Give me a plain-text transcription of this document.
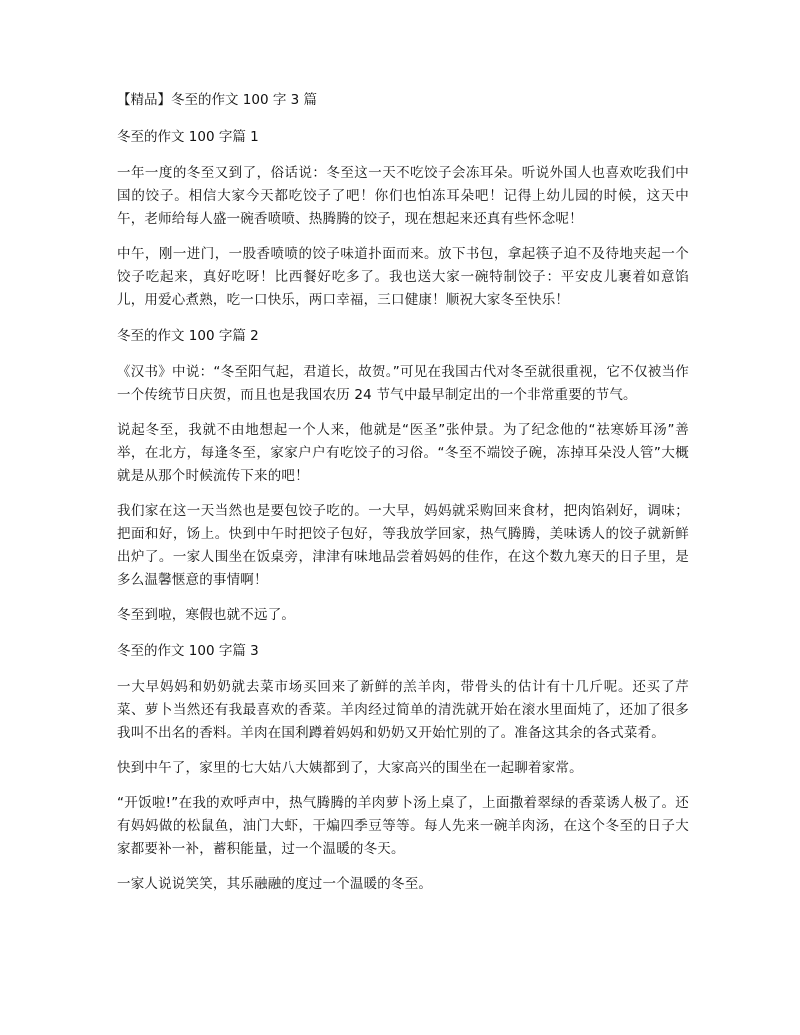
【精品】冬至的作文 100 字 3 篇
冬至的作文 100 字篇 1

一年一度的冬至又到了，俗话说：冬至这一天不吃饺子会冻耳朵。听说外国人也喜欢吃我们中国的饺子。相信大家今天都吃饺子了吧！你们也怕冻耳朵吧！记得上幼儿园的时候，这天中午，老师给每人盛一碗香喷喷、热腾腾的饺子，现在想起来还真有些怀念呢！

中午，刚一进门，一股香喷喷的饺子味道扑面而来。放下书包，拿起筷子迫不及待地夹起一个饺子吃起来，真好吃呀！比西餐好吃多了。我也送大家一碗特制饺子：平安皮儿裹着如意馅儿，用爱心煮熟，吃一口快乐，两口幸福，三口健康！顺祝大家冬至快乐！

冬至的作文 100 字篇 2

《汉书》中说：“冬至阳气起，君道长，故贺。”可见在我国古代对冬至就很重视，它不仅被当作一个传统节日庆贺，而且也是我国农历 24 节气中最早制定出的一个非常重要的节气。

说起冬至，我就不由地想起一个人来，他就是“医圣”张仲景。为了纪念他的“祛寒娇耳汤”善举，在北方，每逢冬至，家家户户有吃饺子的习俗。“冬至不端饺子碗，冻掉耳朵没人管”大概就是从那个时候流传下来的吧！

我们家在这一天当然也是要包饺子吃的。一大早，妈妈就采购回来食材，把肉馅剁好，调味；把面和好，饧上。快到中午时把饺子包好，等我放学回家，热气腾腾，美味诱人的饺子就新鲜出炉了。一家人围坐在饭桌旁，津津有味地品尝着妈妈的佳作，在这个数九寒天的日子里，是多么温馨惬意的事情啊！

冬至到啦，寒假也就不远了。

冬至的作文 100 字篇 3

一大早妈妈和奶奶就去菜市场买回来了新鲜的羔羊肉，带骨头的估计有十几斤呢。还买了芹菜、萝卜当然还有我最喜欢的香菜。羊肉经过简单的清洗就开始在滚水里面炖了，还加了很多我叫不出名的香料。羊肉在国利蹲着妈妈和奶奶又开始忙别的了。准备这其余的各式菜肴。

快到中午了，家里的七大姑八大姨都到了，大家高兴的围坐在一起聊着家常。

“开饭啦!”在我的欢呼声中，热气腾腾的羊肉萝卜汤上桌了，上面撒着翠绿的香菜诱人极了。还有妈妈做的松鼠鱼，油门大虾，干煸四季豆等等。每人先来一碗羊肉汤，在这个冬至的日子大家都要补一补，蓄积能量，过一个温暖的冬天。

一家人说说笑笑，其乐融融的度过一个温暖的冬至。
